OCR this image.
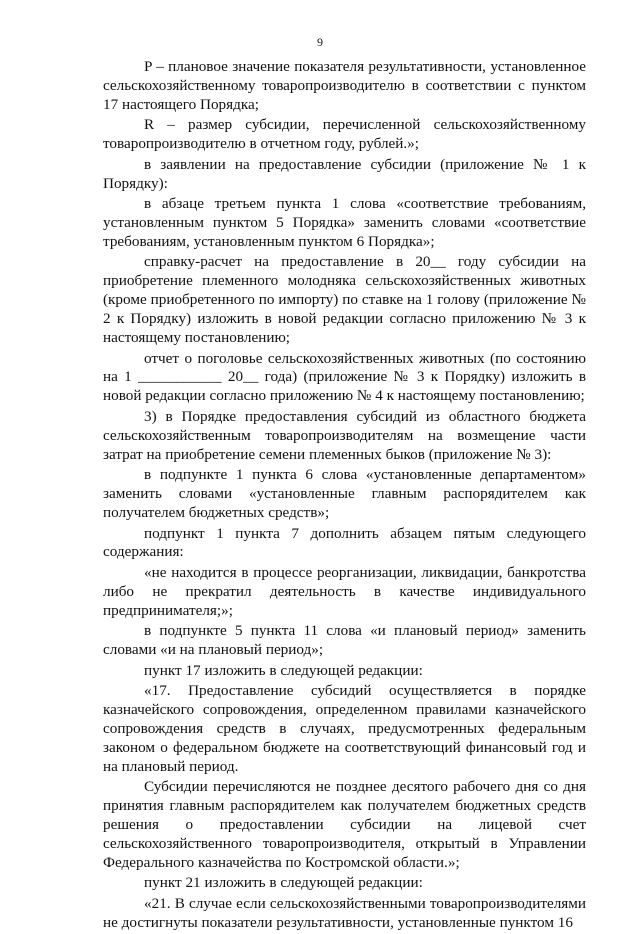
9

P – плановое значение показателя результативности, установленное сельскохозяйственному товаропроизводителю в соответствии с пунктом 17 настоящего Порядка;

R – размер субсидии, перечисленной сельскохозяйственному товаропроизводителю в отчетном году, рублей.»;

в заявлении на предоставление субсидии (приложение № 1 к Порядку):

в абзаце третьем пункта 1 слова «соответствие требованиям, установленным пунктом 5 Порядка» заменить словами «соответствие требованиям, установленным пунктом 6 Порядка»;

справку-расчет на предоставление в 20__ году субсидии на приобретение племенного молодняка сельскохозяйственных животных (кроме приобретенного по импорту) по ставке на 1 голову (приложение № 2 к Порядку) изложить в новой редакции согласно приложению № 3 к настоящему постановлению;

отчет о поголовье сельскохозяйственных животных (по состоянию на 1 ___________ 20__ года) (приложение № 3 к Порядку) изложить в новой редакции согласно приложению № 4 к настоящему постановлению;

3) в Порядке предоставления субсидий из областного бюджета сельскохозяйственным товаропроизводителям на возмещение части затрат на приобретение семени племенных быков (приложение № 3):

в подпункте 1 пункта 6 слова «установленные департаментом» заменить словами «установленные главным распорядителем как получателем бюджетных средств»;

подпункт 1 пункта 7 дополнить абзацем пятым следующего содержания:

«не находится в процессе реорганизации, ликвидации, банкротства либо не прекратил деятельность в качестве индивидуального предпринимателя;»;

в подпункте 5 пункта 11 слова «и плановый период» заменить словами «и на плановый период»;

пункт 17 изложить в следующей редакции:

«17. Предоставление субсидий осуществляется в порядке казначейского сопровождения, определенном правилами казначейского сопровождения средств в случаях, предусмотренных федеральным законом о федеральном бюджете на соответствующий финансовый год и на плановый период.

Субсидии перечисляются не позднее десятого рабочего дня со дня принятия главным распорядителем как получателем бюджетных средств решения о предоставлении субсидии на лицевой счет сельскохозяйственного товаропроизводителя, открытый в Управлении Федерального казначейства по Костромской области.»;

пункт 21 изложить в следующей редакции:

«21. В случае если сельскохозяйственными товаропроизводителями не достигнуты показатели результативности, установленные пунктом 16
